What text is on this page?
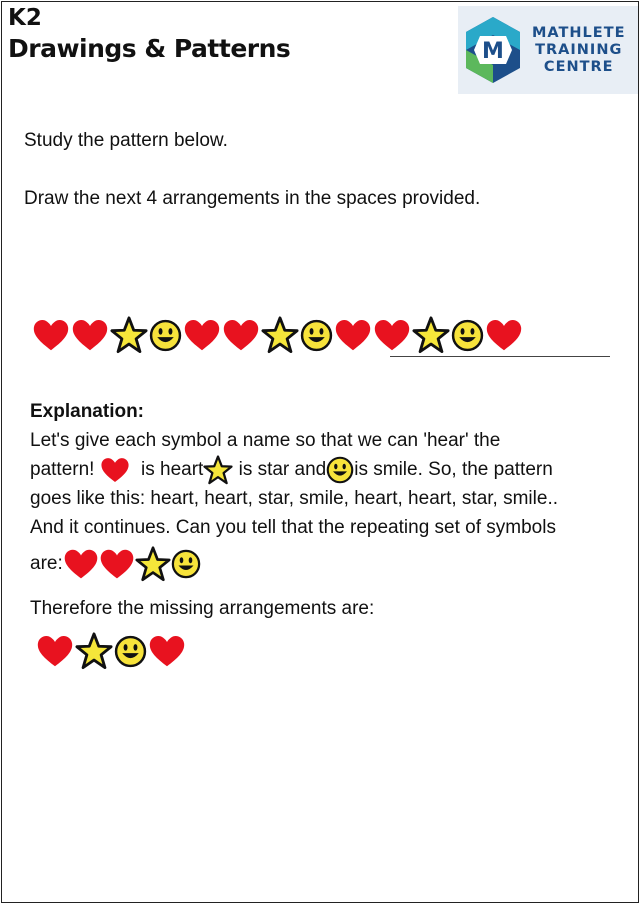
K2
Drawings & Patterns	M
MATHLETE
TRAINING
CENTRE
Study the pattern below.
Draw the next 4 arrangements in the spaces provided.
Explanation:
Let's give each symbol a name so that we can 'hear' the
pattern! is heart is star and is smile. So, the pattern
goes like this: heart, heart, star, smile, heart, heart, star, smile..
And it continues. Can you tell that the repeating set of symbols
are:
Therefore the missing arrangements are:
